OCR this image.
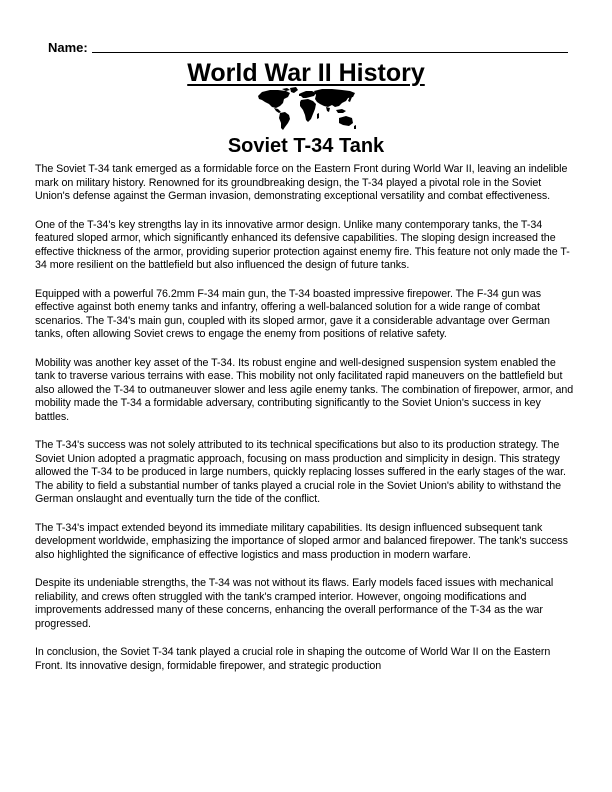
Name:
World War II History
Soviet T-34 Tank

The Soviet T-34 tank emerged as a formidable force on the Eastern Front during World War II, leaving an indelible mark on military history. Renowned for its groundbreaking design, the T-34 played a pivotal role in the Soviet Union's defense against the German invasion, demonstrating exceptional versatility and combat effectiveness.

One of the T-34's key strengths lay in its innovative armor design. Unlike many contemporary tanks, the T-34 featured sloped armor, which significantly enhanced its defensive capabilities. The sloping design increased the effective thickness of the armor, providing superior protection against enemy fire. This feature not only made the T-34 more resilient on the battlefield but also influenced the design of future tanks.

Equipped with a powerful 76.2mm F-34 main gun, the T-34 boasted impressive firepower. The F-34 gun was effective against both enemy tanks and infantry, offering a well-balanced solution for a wide range of combat scenarios. The T-34's main gun, coupled with its sloped armor, gave it a considerable advantage over German tanks, often allowing Soviet crews to engage the enemy from positions of relative safety.

Mobility was another key asset of the T-34. Its robust engine and well-designed suspension system enabled the tank to traverse various terrains with ease. This mobility not only facilitated rapid maneuvers on the battlefield but also allowed the T-34 to outmaneuver slower and less agile enemy tanks. The combination of firepower, armor, and mobility made the T-34 a formidable adversary, contributing significantly to the Soviet Union's success in key battles.

The T-34's success was not solely attributed to its technical specifications but also to its production strategy. The Soviet Union adopted a pragmatic approach, focusing on mass production and simplicity in design. This strategy allowed the T-34 to be produced in large numbers, quickly replacing losses suffered in the early stages of the war. The ability to field a substantial number of tanks played a crucial role in the Soviet Union's ability to withstand the German onslaught and eventually turn the tide of the conflict.

The T-34's impact extended beyond its immediate military capabilities. Its design influenced subsequent tank development worldwide, emphasizing the importance of sloped armor and balanced firepower. The tank's success also highlighted the significance of effective logistics and mass production in modern warfare.

Despite its undeniable strengths, the T-34 was not without its flaws. Early models faced issues with mechanical reliability, and crews often struggled with the tank's cramped interior. However, ongoing modifications and improvements addressed many of these concerns, enhancing the overall performance of the T-34 as the war progressed.

In conclusion, the Soviet T-34 tank played a crucial role in shaping the outcome of World War II on the Eastern Front. Its innovative design, formidable firepower, and strategic production
